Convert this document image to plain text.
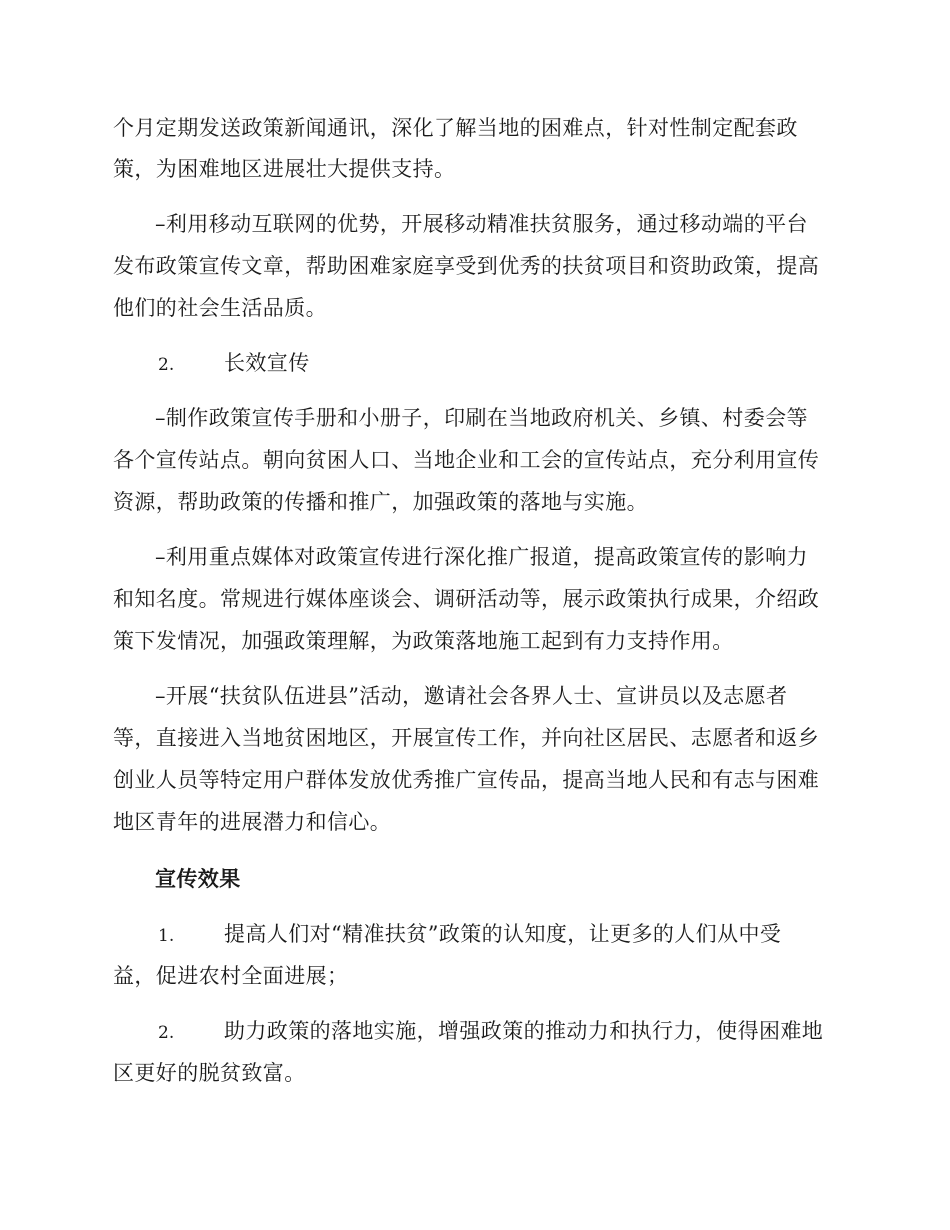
个月定期发送政策新闻通讯，深化了解当地的困难点，针对性制定配套政
策，为困难地区进展壮大提供支持。
–利用移动互联网的优势，开展移动精准扶贫服务，通过移动端的平台
发布政策宣传文章，帮助困难家庭享受到优秀的扶贫项目和资助政策，提高
他们的社会生活品质。
2. 长效宣传
–制作政策宣传手册和小册子，印刷在当地政府机关、乡镇、村委会等
各个宣传站点。朝向贫困人口、当地企业和工会的宣传站点，充分利用宣传
资源，帮助政策的传播和推广，加强政策的落地与实施。
–利用重点媒体对政策宣传进行深化推广报道，提高政策宣传的影响力
和知名度。常规进行媒体座谈会、调研活动等，展示政策执行成果，介绍政
策下发情况，加强政策理解，为政策落地施工起到有力支持作用。
–开展“扶贫队伍进县”活动，邀请社会各界人士、宣讲员以及志愿者
等，直接进入当地贫困地区，开展宣传工作，并向社区居民、志愿者和返乡
创业人员等特定用户群体发放优秀推广宣传品，提高当地人民和有志与困难
地区青年的进展潜力和信心。
宣传效果
1. 提高人们对“精准扶贫”政策的认知度，让更多的人们从中受
益，促进农村全面进展；
2. 助力政策的落地实施，增强政策的推动力和执行力，使得困难地
区更好的脱贫致富。
